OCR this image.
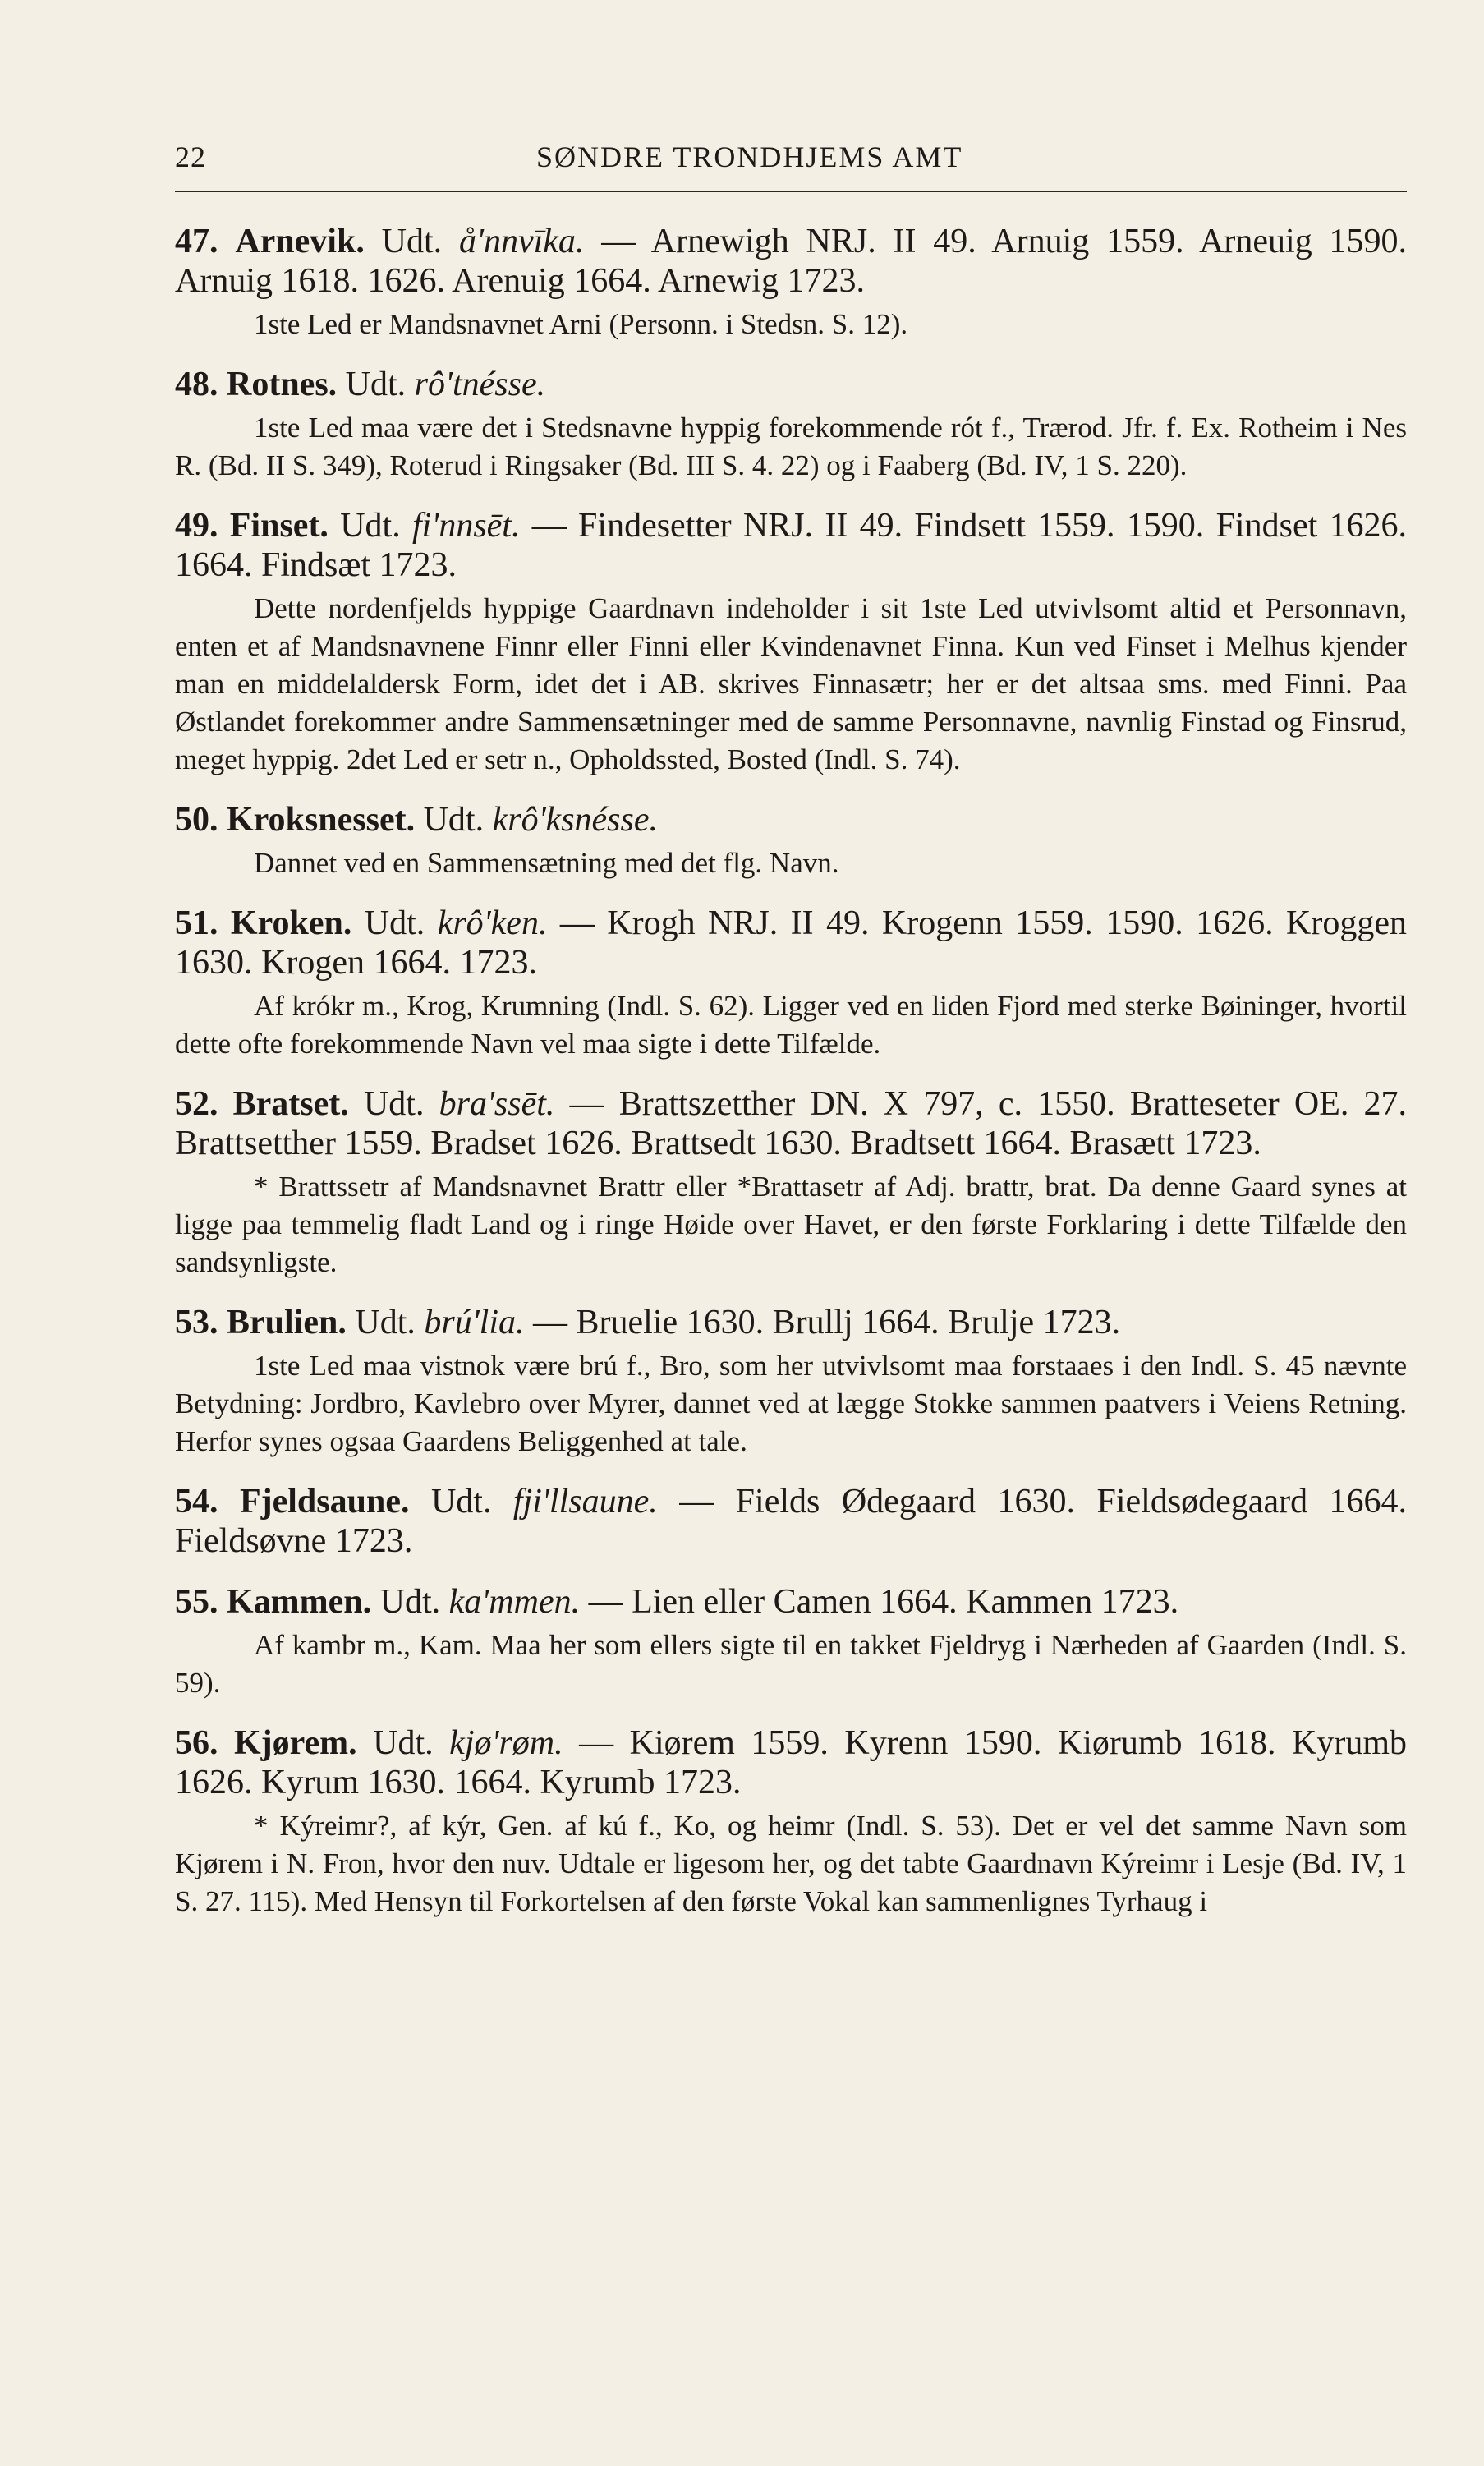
22	SØNDRE TRONDHJEMS AMT

47. Arnevik. Udt. å'nnvīka. — Arnewigh NRJ. II 49. Arnuig 1559. Arneuig 1590. Arnuig 1618. 1626. Arenuig 1664. Arnewig 1723.

1ste Led er Mandsnavnet Arni (Personn. i Stedsn. S. 12).

48. Rotnes. Udt. rô'tnésse.

1ste Led maa være det i Stedsnavne hyppig forekommende rót f., Trærod. Jfr. f. Ex. Rotheim i Nes R. (Bd. II S. 349), Roterud i Ringsaker (Bd. III S. 4. 22) og i Faaberg (Bd. IV, 1 S. 220).

49. Finset. Udt. fi'nnsēt. — Findesetter NRJ. II 49. Findsett 1559. 1590. Findset 1626. 1664. Findsæt 1723.

Dette nordenfjelds hyppige Gaardnavn indeholder i sit 1ste Led utvivlsomt altid et Personnavn, enten et af Mandsnavnene Finnr eller Finni eller Kvindenavnet Finna. Kun ved Finset i Melhus kjender man en middelaldersk Form, idet det i AB. skrives Finnasætr; her er det altsaa sms. med Finni. Paa Østlandet forekommer andre Sammensætninger med de samme Personnavne, navnlig Finstad og Finsrud, meget hyppig. 2det Led er setr n., Opholdssted, Bosted (Indl. S. 74).

50. Kroksnesset. Udt. krô'ksnésse.

Dannet ved en Sammensætning med det flg. Navn.

51. Kroken. Udt. krô'ken. — Krogh NRJ. II 49. Krogenn 1559. 1590. 1626. Kroggen 1630. Krogen 1664. 1723.

Af krókr m., Krog, Krumning (Indl. S. 62). Ligger ved en liden Fjord med sterke Bøininger, hvortil dette ofte forekommende Navn vel maa sigte i dette Tilfælde.

52. Bratset. Udt. bra'ssēt. — Brattszetther DN. X 797, c. 1550. Bratteseter OE. 27. Brattsetther 1559. Bradset 1626. Brattsedt 1630. Bradtsett 1664. Brasætt 1723.

* Brattssetr af Mandsnavnet Brattr eller *Brattasetr af Adj. brattr, brat. Da denne Gaard synes at ligge paa temmelig fladt Land og i ringe Høide over Havet, er den første Forklaring i dette Tilfælde den sandsynligste.

53. Brulien. Udt. brú'lia. — Bruelie 1630. Brullj 1664. Brulje 1723.

1ste Led maa vistnok være brú f., Bro, som her utvivlsomt maa forstaaes i den Indl. S. 45 nævnte Betydning: Jordbro, Kavlebro over Myrer, dannet ved at lægge Stokke sammen paatvers i Veiens Retning. Herfor synes ogsaa Gaardens Beliggenhed at tale.

54. Fjeldsaune. Udt. fji'llsaune. — Fields Ødegaard 1630. Fieldsødegaard 1664. Fieldsøvne 1723.

55. Kammen. Udt. ka'mmen. — Lien eller Camen 1664. Kammen 1723.

Af kambr m., Kam. Maa her som ellers sigte til en takket Fjeldryg i Nærheden af Gaarden (Indl. S. 59).

56. Kjørem. Udt. kjø'røm. — Kiørem 1559. Kyrenn 1590. Kiørumb 1618. Kyrumb 1626. Kyrum 1630. 1664. Kyrumb 1723.

* Kýreimr?, af kýr, Gen. af kú f., Ko, og heimr (Indl. S. 53). Det er vel det samme Navn som Kjørem i N. Fron, hvor den nuv. Udtale er ligesom her, og det tabte Gaardnavn Kýreimr i Lesje (Bd. IV, 1 S. 27. 115). Med Hensyn til Forkortelsen af den første Vokal kan sammenlignes Tyrhaug i
